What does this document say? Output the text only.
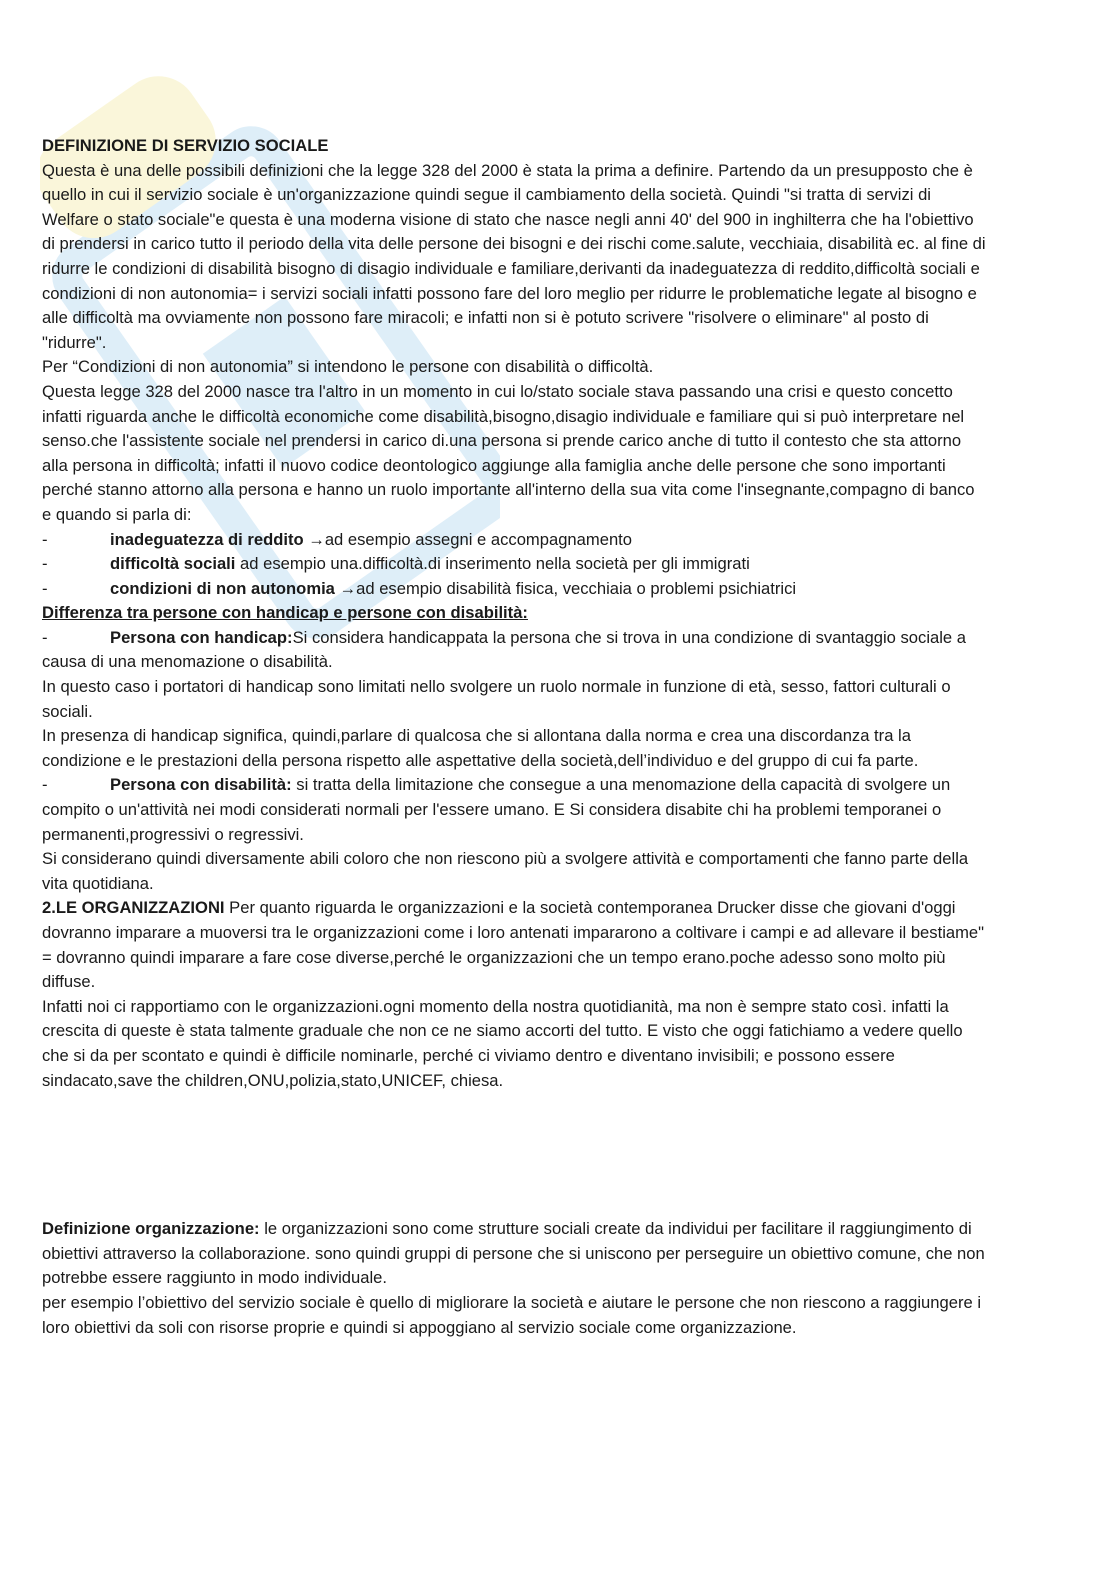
DEFINIZIONE DI SERVIZIO SOCIALE

Questa è una delle possibili definizioni che la legge 328 del 2000 è stata la prima a definire. Partendo da un presupposto che è quello in cui il servizio sociale è un'organizzazione quindi segue il cambiamento della società. Quindi "si tratta di servizi di Welfare o stato sociale"e questa è una moderna visione di stato che nasce negli anni 40' del 900 in inghilterra che ha l'obiettivo di prendersi in carico tutto il periodo della vita delle persone dei bisogni e dei rischi come.salute, vecchiaia, disabilità ec. al fine di ridurre le condizioni di disabilità bisogno di disagio individuale e familiare,derivanti da inadeguatezza di reddito,difficoltà sociali e condizioni di non autonomia= i servizi sociali infatti possono fare del loro meglio per ridurre le problematiche legate al bisogno e alle difficoltà ma ovviamente non possono fare miracoli; e infatti non si è potuto scrivere "risolvere o eliminare" al posto di "ridurre".

Per “Condizioni di non autonomia” si intendono le persone con disabilità o difficoltà.

Questa legge 328 del 2000 nasce tra l'altro in un momento in cui lo/stato sociale stava passando una crisi e questo concetto infatti riguarda anche le difficoltà economiche come disabilità,bisogno,disagio individuale e familiare qui si può interpretare nel senso.che l'assistente sociale nel prendersi in carico di.una persona si prende carico anche di tutto il contesto che sta attorno alla persona in difficoltà; infatti il nuovo codice deontologico aggiunge alla famiglia anche delle persone che sono importanti perché stanno attorno alla persona e hanno un ruolo importante all'interno della sua vita come l'insegnante,compagno di banco e quando si parla di:

-	inadeguatezza di reddito →ad esempio assegni e accompagnamento
-	difficoltà sociali ad esempio una.difficoltà.di inserimento nella società per gli immigrati
-	condizioni di non autonomia →ad esempio disabilità fisica, vecchiaia o problemi psichiatrici

Differenza tra persone con handicap e persone con disabilità:

-	Persona con handicap:Si considera handicappata la persona che si trova in una condizione di svantaggio sociale a causa di una menomazione o disabilità.

In questo caso i portatori di handicap sono limitati nello svolgere un ruolo normale in funzione di età, sesso, fattori culturali o sociali.

In presenza di handicap significa, quindi,parlare di qualcosa che si allontana dalla norma e crea una discordanza tra la condizione e le prestazioni della persona rispetto alle aspettative della società,dell’individuo e del gruppo di cui fa parte.

-	Persona con disabilità: si tratta della limitazione che consegue a una menomazione della capacità di svolgere un compito o un'attività nei modi considerati normali per l'essere umano. E Si considera disabite chi ha problemi temporanei o permanenti,progressivi o regressivi.

Si considerano quindi diversamente abili coloro che non riescono più a svolgere attività e comportamenti che fanno parte della vita quotidiana.

2.LE ORGANIZZAZIONI Per quanto riguarda le organizzazioni e la società contemporanea Drucker disse che giovani d'oggi dovranno imparare a muoversi tra le organizzazioni come i loro antenati impararono a coltivare i campi e ad allevare il bestiame" = dovranno quindi imparare a fare cose diverse,perché le organizzazioni che un tempo erano.poche adesso sono molto più diffuse.

Infatti noi ci rapportiamo con le organizzazioni.ogni momento della nostra quotidianità, ma non è sempre stato così. infatti la crescita di queste è stata talmente graduale che non ce ne siamo accorti del tutto. E visto che oggi fatichiamo a vedere quello che si da per scontato e quindi è difficile nominarle, perché ci viviamo dentro e diventano invisibili; e possono essere sindacato,save the children,ONU,polizia,stato,UNICEF, chiesa.

Definizione organizzazione: le organizzazioni sono come strutture sociali create da individui per facilitare il raggiungimento di obiettivi attraverso la collaborazione. sono quindi gruppi di persone che si uniscono per perseguire un obiettivo comune, che non potrebbe essere raggiunto in modo individuale.

per esempio l’obiettivo del servizio sociale è quello di migliorare la società e aiutare le persone che non riescono a raggiungere i loro obiettivi da soli con risorse proprie e quindi si appoggiano al servizio sociale come organizzazione.
